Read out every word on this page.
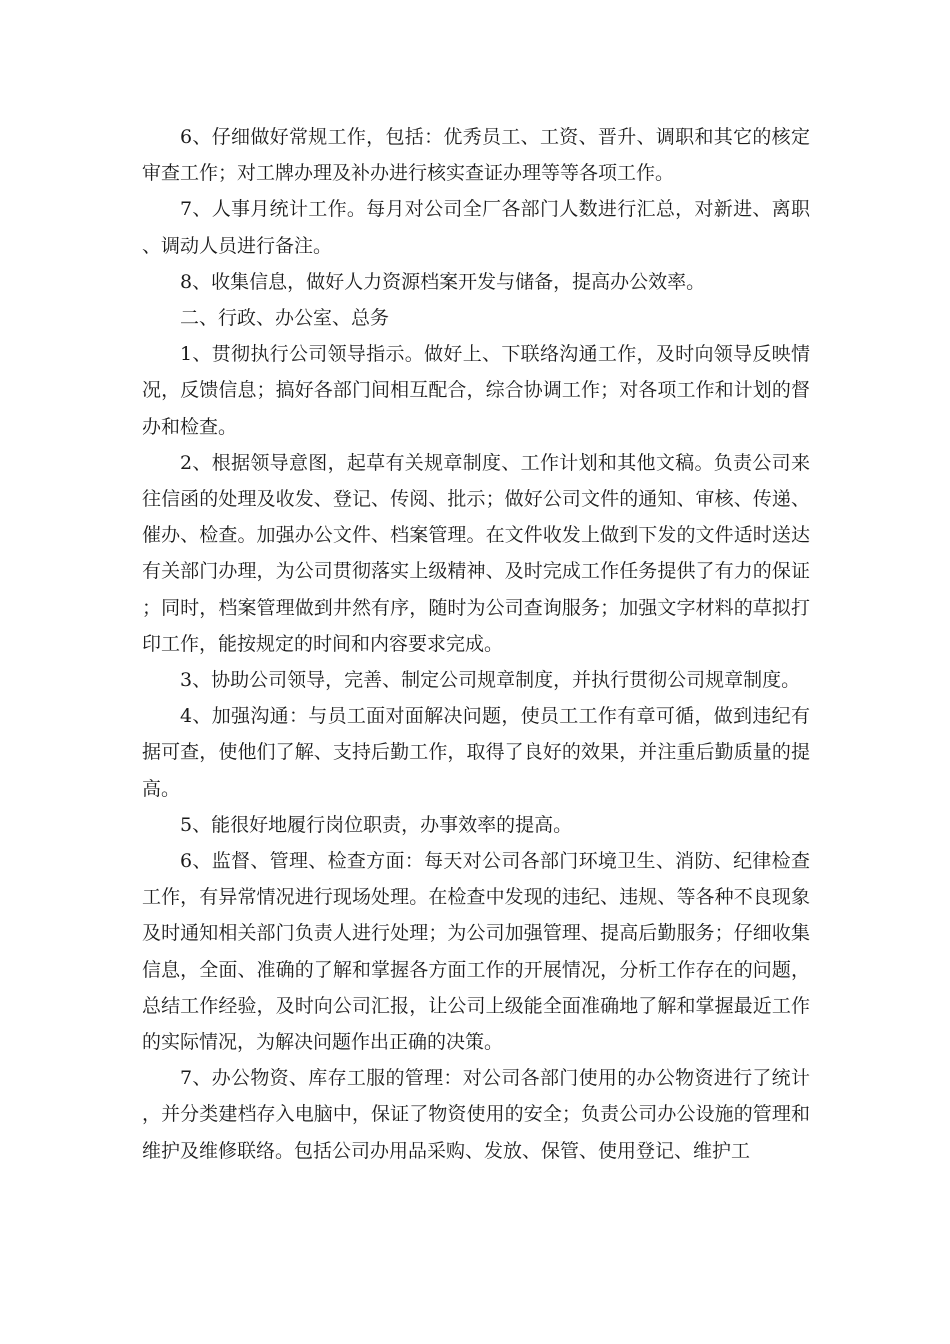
6、仔细做好常规工作，包括：优秀员工、工资、晋升、调职和其它的核定审查工作；对工牌办理及补办进行核实查证办理等等各项工作。

7、人事月统计工作。每月对公司全厂各部门人数进行汇总，对新进、离职、调动人员进行备注。

8、收集信息，做好人力资源档案开发与储备，提高办公效率。

二、行政、办公室、总务

1、贯彻执行公司领导指示。做好上、下联络沟通工作，及时向领导反映情况，反馈信息；搞好各部门间相互配合，综合协调工作；对各项工作和计划的督办和检查。

2、根据领导意图，起草有关规章制度、工作计划和其他文稿。负责公司来往信函的处理及收发、登记、传阅、批示；做好公司文件的通知、审核、传递、催办、检查。加强办公文件、档案管理。在文件收发上做到下发的文件适时送达有关部门办理，为公司贯彻落实上级精神、及时完成工作任务提供了有力的保证；同时，档案管理做到井然有序，随时为公司查询服务；加强文字材料的草拟打印工作，能按规定的时间和内容要求完成。

3、协助公司领导，完善、制定公司规章制度，并执行贯彻公司规章制度。

4、加强沟通：与员工面对面解决问题，使员工工作有章可循，做到违纪有据可查，使他们了解、支持后勤工作，取得了良好的效果，并注重后勤质量的提高。

5、能很好地履行岗位职责，办事效率的提高。

6、监督、管理、检查方面：每天对公司各部门环境卫生、消防、纪律检查工作，有异常情况进行现场处理。在检查中发现的违纪、违规、等各种不良现象及时通知相关部门负责人进行处理；为公司加强管理、提高后勤服务；仔细收集信息，全面、准确的了解和掌握各方面工作的开展情况，分析工作存在的问题，总结工作经验，及时向公司汇报，让公司上级能全面准确地了解和掌握最近工作的实际情况，为解决问题作出正确的决策。

7、办公物资、库存工服的管理：对公司各部门使用的办公物资进行了统计，并分类建档存入电脑中，保证了物资使用的安全；负责公司办公设施的管理和维护及维修联络。包括公司办用品采购、发放、保管、使用登记、维护工
